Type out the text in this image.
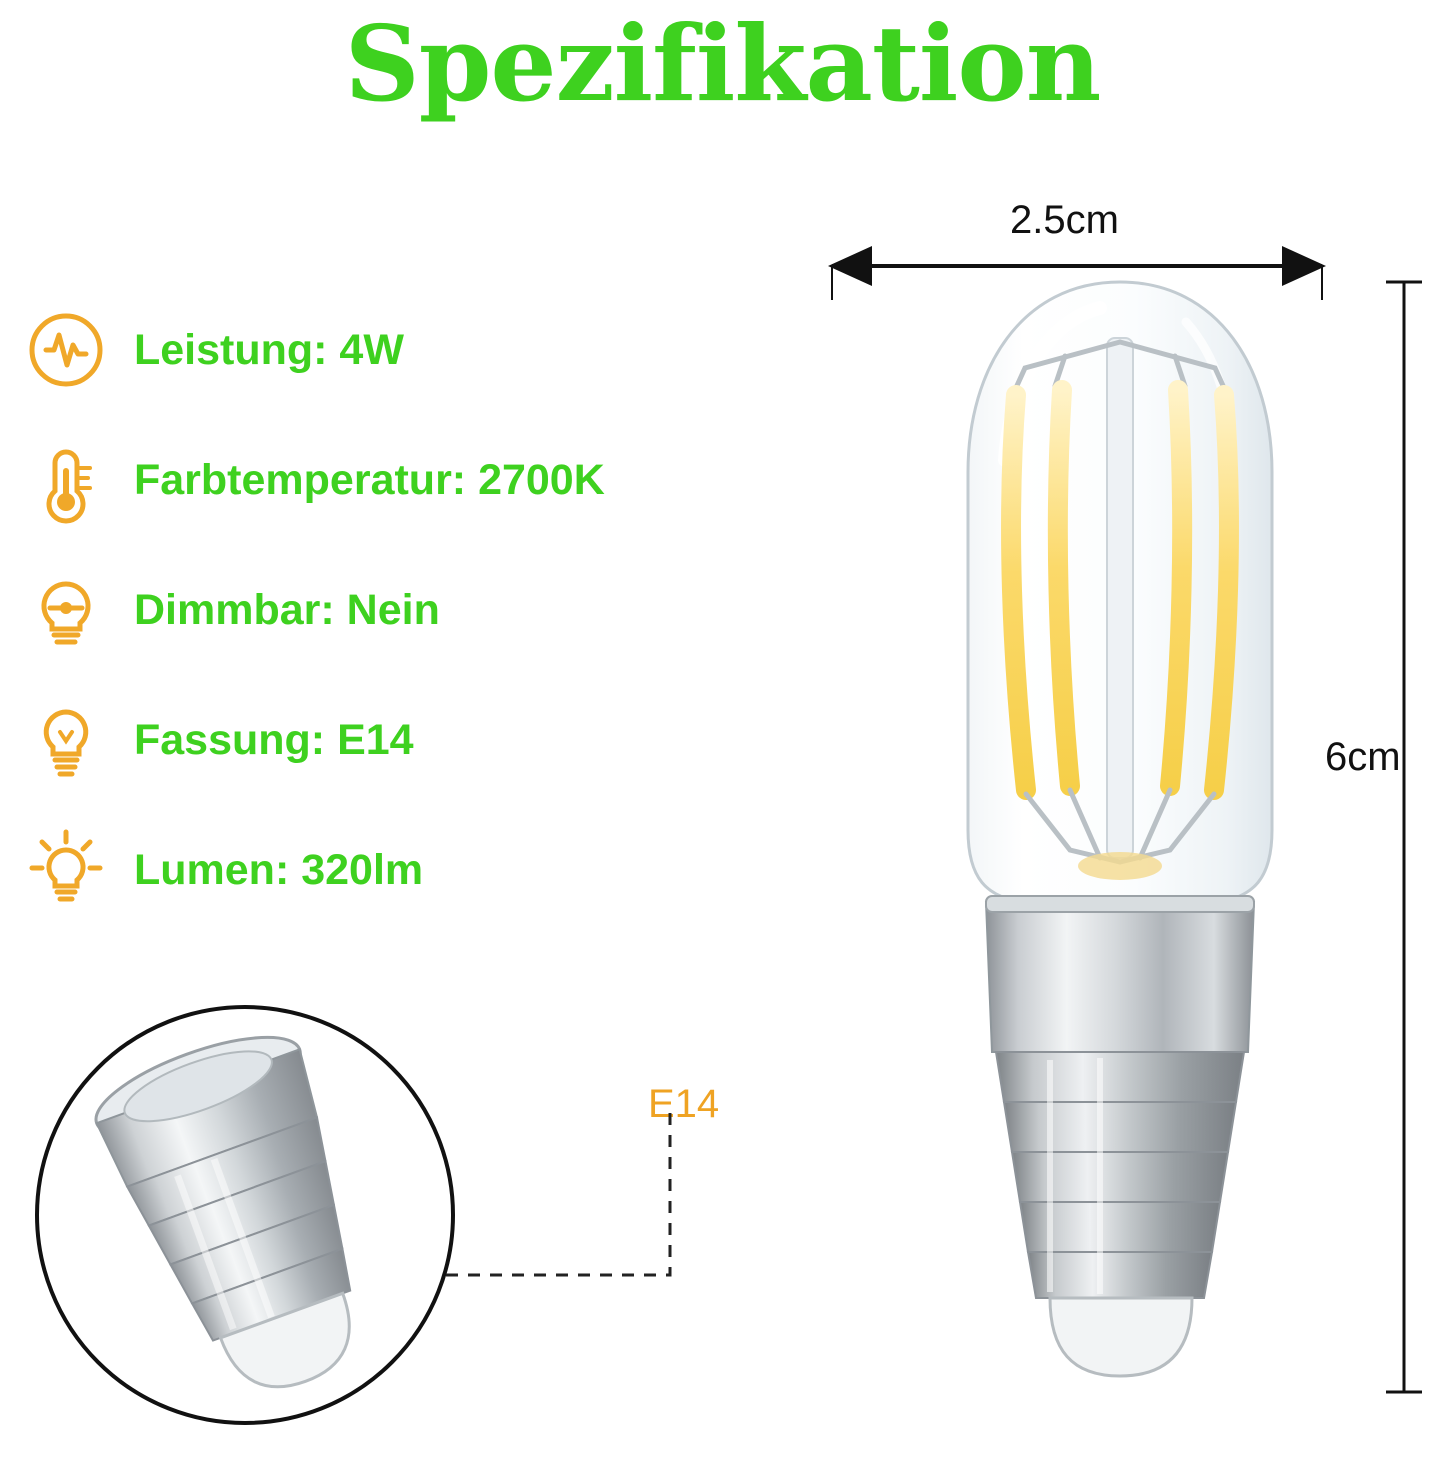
Spezifikation
Leistung: 4W
Farbtemperatur: 2700K
Dimmbar: Nein
Fassung: E14
Lumen: 320lm
2.5cm
6cm
E14
